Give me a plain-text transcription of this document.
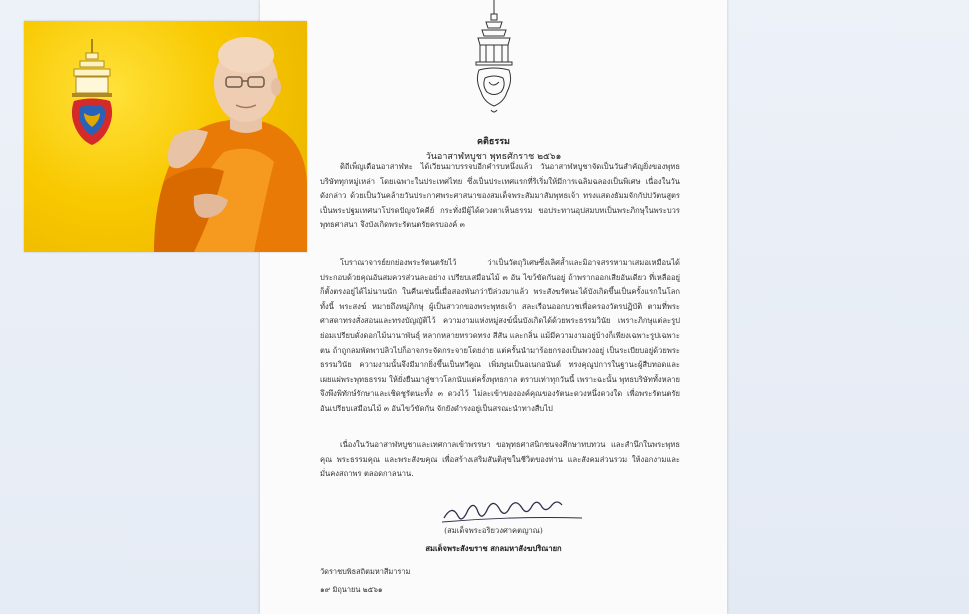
คติธรรม
วันอาสาฬหบูชา พุทธศักราช ๒๕๖๑

ดิถีเพ็ญเดือนอาสาฬหะ ได้เวียนมาบรรจบอีกคำรบหนึ่งแล้ว วันอาสาฬหบูชาจัดเป็นวันสำคัญยิ่งของพุทธบริษัททุกหมู่เหล่า โดยเฉพาะในประเทศไทย ซึ่งเป็นประเทศแรกที่ริเริ่มให้มีการเฉลิมฉลองเป็นพิเศษ เนื่องในวันดังกล่าว ด้วยเป็นวันคล้ายวันประกาศพระศาสนาของสมเด็จพระสัมมาสัมพุทธเจ้า ทรงแสดงธัมมจักกัปปวัตนสูตรเป็นพระปฐมเทศนาโปรดปัญจวัคคีย์ กระทั่งมีผู้ได้ดวงตาเห็นธรรม ขอประทานอุปสมบทเป็นพระภิกษุในพระบวรพุทธศาสนา จึงบังเกิดพระรัตนตรัยครบองค์ ๓

โบราณาจารย์ยกย่องพระรัตนตรัยไว้ ว่าเป็นวัตถุวิเศษซึ่งเลิศล้ำและมิอาจสรรหามาเสมอเหมือนได้ ประกอบด้วยคุณอันสมควรส่วนละอย่าง เปรียบเสมือนไม้ ๓ อัน ไขว้ขัดกันอยู่ ถ้าพรากออกเสียอันเดียว ที่เหลืออยู่ก็ตั้งตรงอยู่ได้ไม่นานนัก ในคืนเช่นนี้เมื่อสองพันกว่าปีล่วงมาแล้ว พระสังฆรัตนะได้บังเกิดขึ้นเป็นครั้งแรกในโลก ทั้งนี้ พระสงฆ์ หมายถึงหมู่ภิกษุ ผู้เป็นสาวกของพระพุทธเจ้า สละเรือนออกบวชเพื่อครองวัตรปฏิบัติ ตามที่พระศาสดาทรงสั่งสอนและทรงบัญญัติไว้ ความงามแห่งหมู่สงฆ์นั้นบังเกิดได้ด้วยพระธรรมวินัย เพราะภิกษุแต่ละรูปย่อมเปรียบดั่งดอกไม้นานาพันธุ์ หลากหลายทรวดทรง สีสัน และกลิ่น แม้มีความงามอยู่บ้างก็เพียงเฉพาะรูปเฉพาะตน ถ้าถูกลมพัดพาปลิวไปก็อาจกระจัดกระจายโดยง่าย แต่ครั้นนำมาร้อยกรองเป็นพวงอยู่ เป็นระเบียบอยู่ด้วยพระธรรมวินัย ความงามนั้นจึงมีมากยิ่งขึ้นเป็นทวีคูณ เพิ่มพูนเป็นอเนกอนันต์ ทรงคุณูปการในฐานะผู้สืบทอดและเผยแผ่พระพุทธธรรม ให้ยั่งยืนมาสู่ชาวโลกนับแต่ครั้งพุทธกาล ตราบเท่าทุกวันนี้ เพราะฉะนั้น พุทธบริษัททั้งหลายจึงพึงพิทักษ์รักษาและเชิดชูรัตนะทั้ง ๓ ดวงไว้ ไม่ละเข้าขององค์คุณของรัตนะดวงหนึ่งดวงใด เพื่อพระรัตนตรัย อันเปรียบเสมือนไม้ ๓ อันไขว้ขัดกัน จักยังดำรงอยู่เป็นสรณะนำทางสืบไป

เนื่องในวันอาสาฬหบูชาและเทศกาลเข้าพรรษา ขอพุทธศาสนิกชนจงศึกษาทบทวน และสำนึกในพระพุทธคุณ พระธรรมคุณ และพระสังฆคุณ เพื่อสร้างเสริมสันติสุขในชีวิตของท่าน และสังคมส่วนรวม ให้งอกงามและมั่นคงสถาพร ตลอดกาลนาน.

(สมเด็จพระอริยวงศาคตญาณ)
สมเด็จพระสังฆราช สกลมหาสังฆปริณายก
วัดราชบพิธสถิตมหาสีมาราม
๑๙ มิถุนายน ๒๕๖๑
